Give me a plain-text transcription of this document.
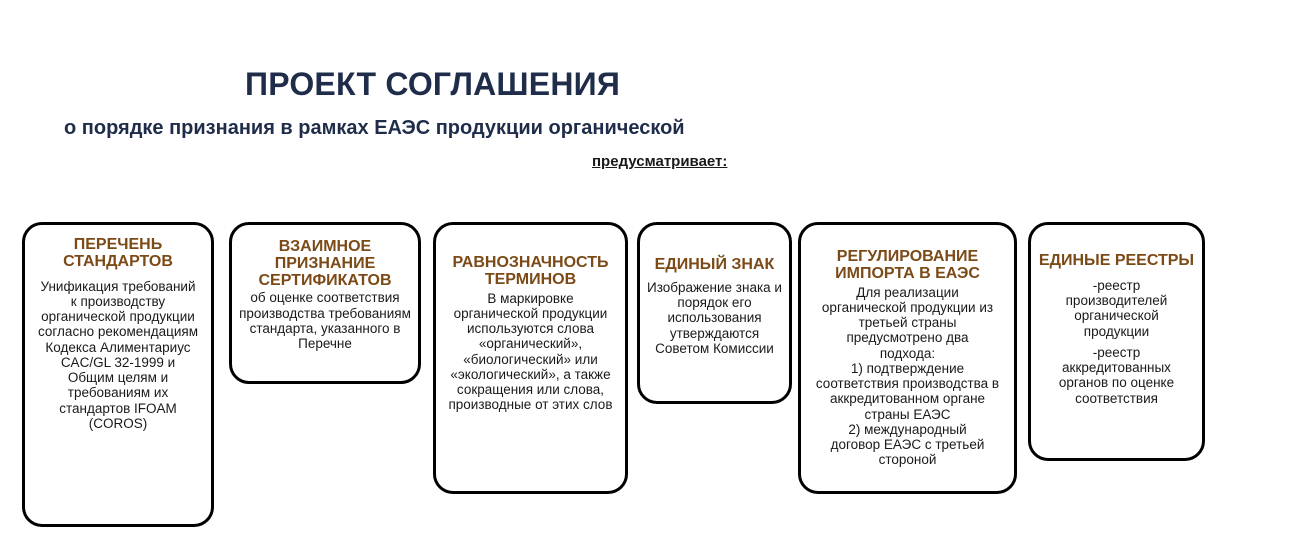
ПРОЕКТ СОГЛАШЕНИЯ
о порядке признания в рамках ЕАЭС продукции органической
предусматривает:
ПЕРЕЧЕНЬ СТАНДАРТОВ
Унификация требований к производству органической продукции согласно рекомендациям Кодекса Алиментариус CAC/GL 32-1999 и Общим целям и требованиям их стандартов IFOAM (COROS)
ВЗАИМНОЕ ПРИЗНАНИЕ СЕРТИФИКАТОВ
об оценке соответствия производства требованиям стандарта, указанного в Перечне
РАВНОЗНАЧНОСТЬ ТЕРМИНОВ
В маркировке органической продукции используются слова «органический», «биологический» или «экологический», а также сокращения или слова, производные от этих слов
ЕДИНЫЙ ЗНАК
Изображение знака и порядок его использования утверждаются Советом Комиссии
РЕГУЛИРОВАНИЕ ИМПОРТА В ЕАЭС
Для реализации органической продукции из третьей страны предусмотрено два подхода:
1) подтверждение соответствия производства в аккредитованном органе страны ЕАЭС
2) международный договор ЕАЭС с третьей стороной
ЕДИНЫЕ РЕЕСТРЫ
-реестр производителей органической продукции
-реестр аккредитованных органов по оценке соответствия
